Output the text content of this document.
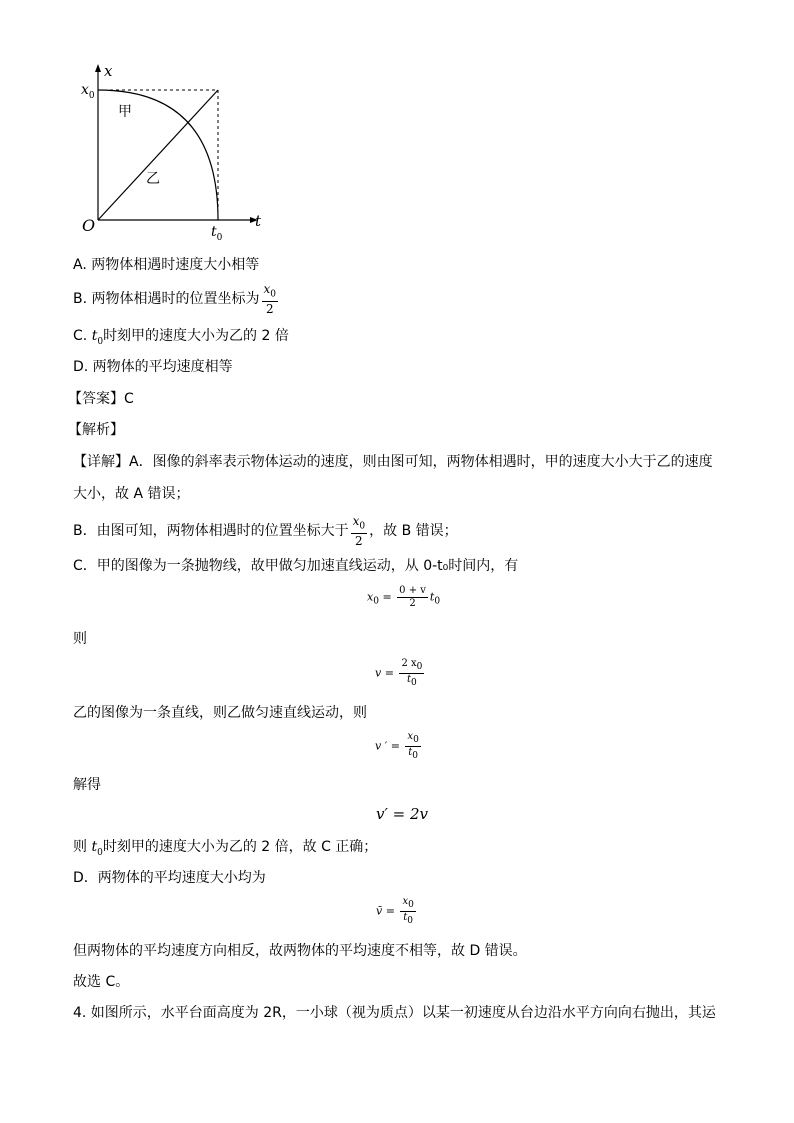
x
t
O
$x_0$
$t_0$
甲
乙
A. 两物体相遇时速度大小相等
B. 两物体相遇时的位置坐标为 $\frac{x_0}{2}$
C. $t_0$时刻甲的速度大小为乙的 2 倍
D. 两物体的平均速度相等
【答案】C
【解析】
【详解】A．图像的斜率表示物体运动的速度，则由图可知，两物体相遇时，甲的速度大小大于乙的速度
大小，故 A 错误；
B．由图可知，两物体相遇时的位置坐标大于 $\frac{x_0}{2}$ ，故 B 错误；
C．甲的图像为一条抛物线，故甲做匀加速直线运动，从 0-t₀时间内，有
$x_0 = \frac{0 + v}{2} t_0$
则
$v = \frac{2 x_0}{t_0}$
乙的图像为一条直线，则乙做匀速直线运动，则
v ′ = $\frac{x_0}{t_0}$
解得
v′ = 2v
则 $t_0$时刻甲的速度大小为乙的 2 倍，故 C 正确；
D．两物体的平均速度大小均为
v̄ = $\frac{x_0}{t_0}$
但两物体的平均速度方向相反，故两物体的平均速度不相等，故 D 错误。
故选 C。
4. 如图所示，水平台面高度为 2R，一小球（视为质点）以某一初速度从台边沿水平方向向右抛出，其运
